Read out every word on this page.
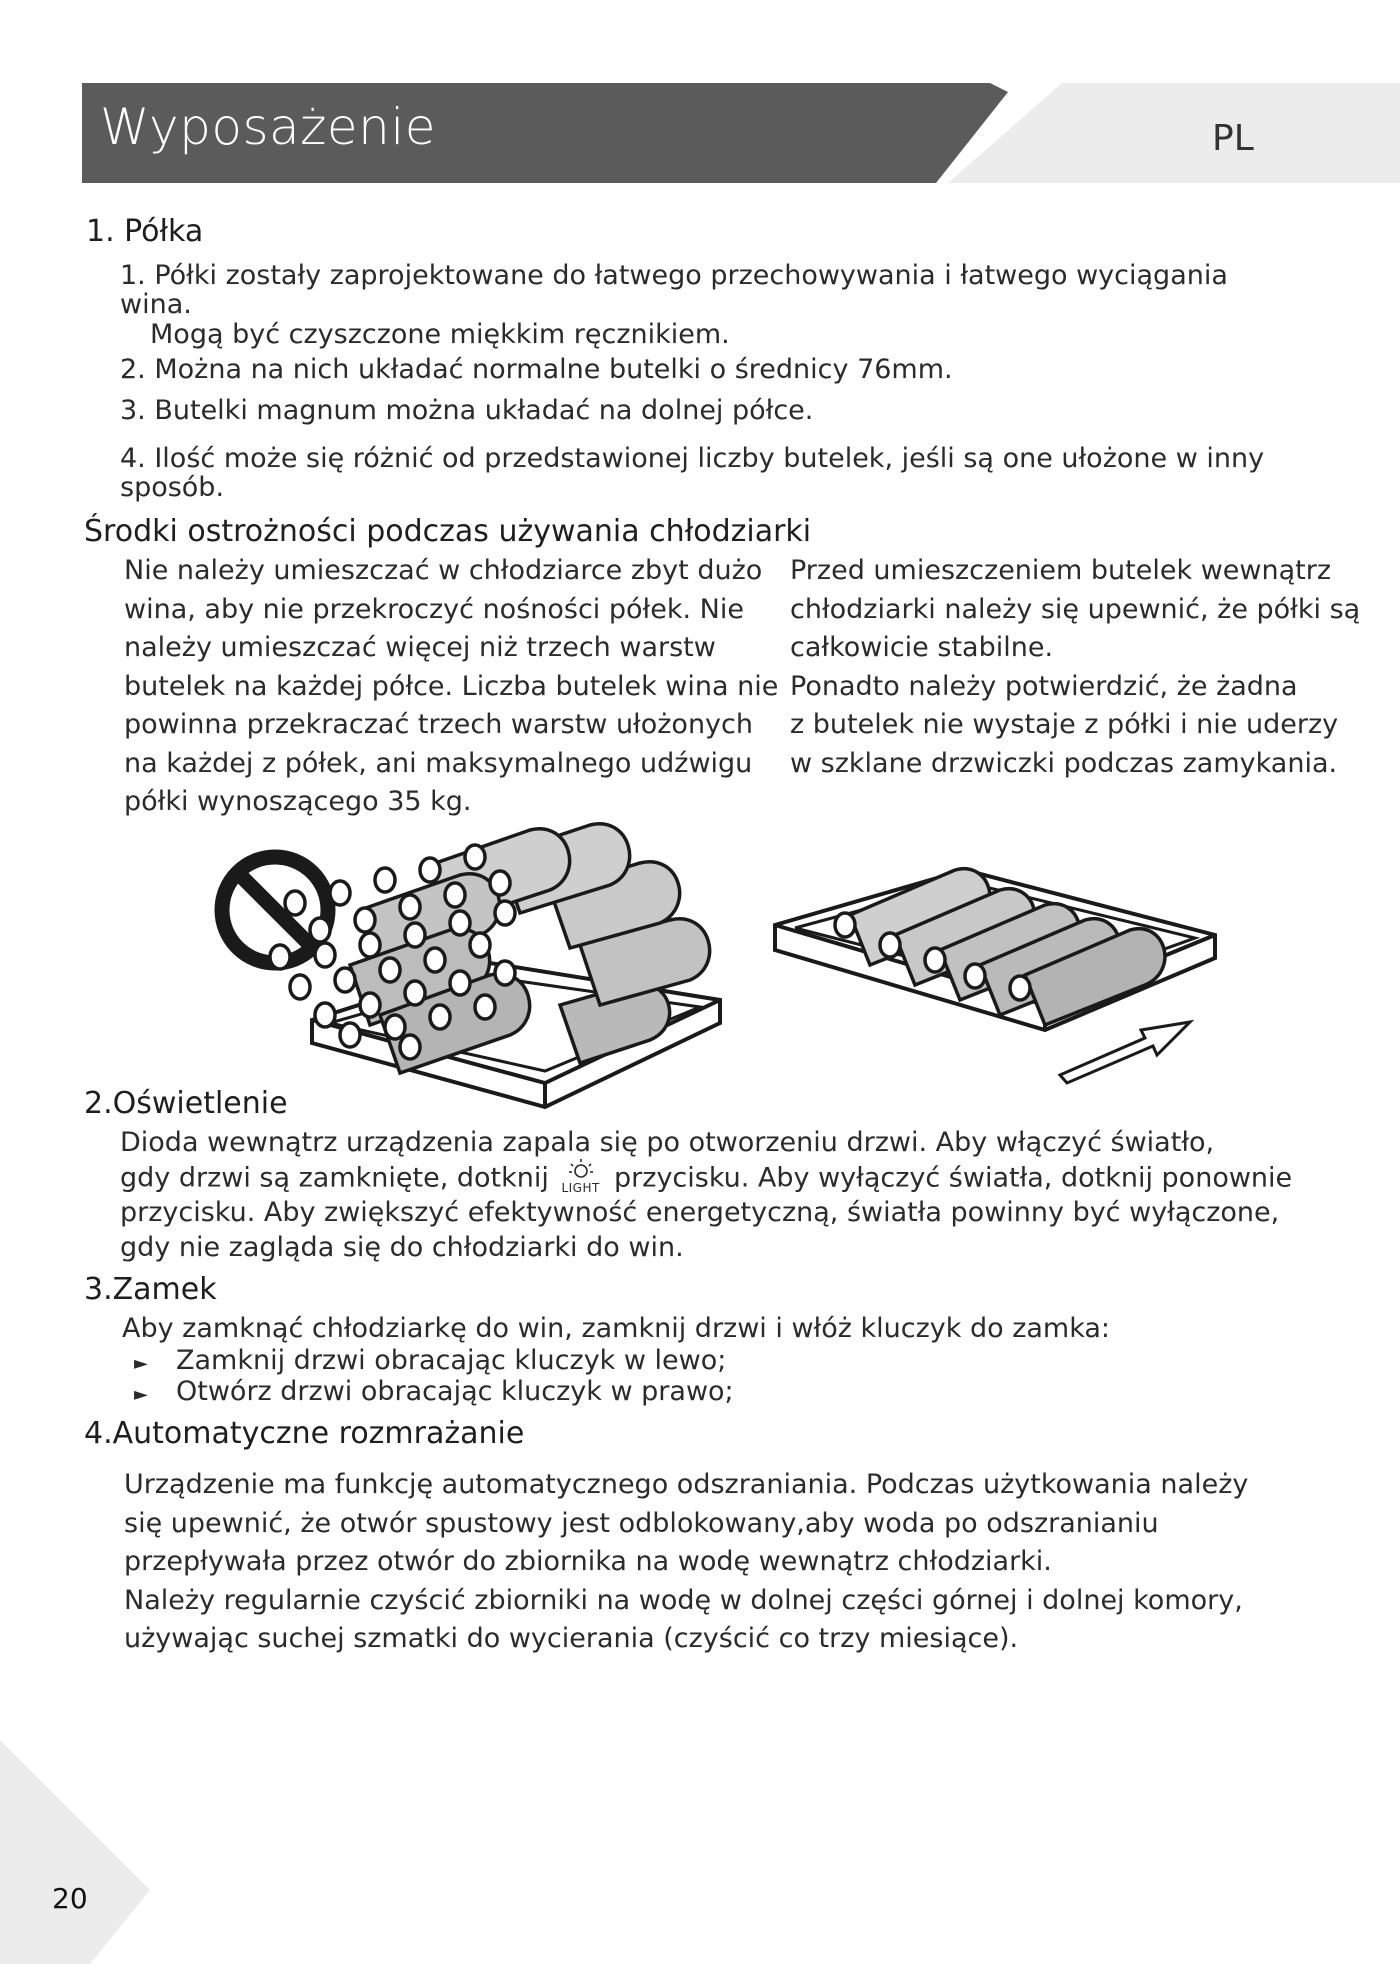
Wyposażenie	PL
1. Półka
1. Półki zostały zaprojektowane do łatwego przechowywania i łatwego wyciągania
wina.
Mogą być czyszczone miękkim ręcznikiem.
2. Można na nich układać normalne butelki o średnicy 76mm.
3. Butelki magnum można układać na dolnej półce.
4. Ilość może się różnić od przedstawionej liczby butelek, jeśli są one ułożone w inny
sposób.
Środki ostrożności podczas używania chłodziarki
Nie należy umieszczać w chłodziarce zbyt dużo
wina, aby nie przekroczyć nośności półek. Nie
należy umieszczać więcej niż trzech warstw
butelek na każdej półce. Liczba butelek wina nie
powinna przekraczać trzech warstw ułożonych
na każdej z półek, ani maksymalnego udźwigu
półki wynoszącego 35 kg.
Przed umieszczeniem butelek wewnątrz
chłodziarki należy się upewnić, że półki są
całkowicie stabilne.
Ponadto należy potwierdzić, że żadna
z butelek nie wystaje z półki i nie uderzy
w szklane drzwiczki podczas zamykania.
2.Oświetlenie
Dioda wewnątrz urządzenia zapala się po otworzeniu drzwi. Aby włączyć światło,
gdy drzwi są zamknięte, dotknij LIGHT przycisku. Aby wyłączyć światła, dotknij ponownie
przycisku. Aby zwiększyć efektywność energetyczną, światła powinny być wyłączone,
gdy nie zagląda się do chłodziarki do win.
3.Zamek
Aby zamknąć chłodziarkę do win, zamknij drzwi i włóż kluczyk do zamka:
► Zamknij drzwi obracając kluczyk w lewo;
► Otwórz drzwi obracając kluczyk w prawo;
4.Automatyczne rozmrażanie
Urządzenie ma funkcję automatycznego odszraniania. Podczas użytkowania należy
się upewnić, że otwór spustowy jest odblokowany,aby woda po odszranianiu
przepływała przez otwór do zbiornika na wodę wewnątrz chłodziarki.
Należy regularnie czyścić zbiorniki na wodę w dolnej części górnej i dolnej komory,
używając suchej szmatki do wycierania (czyścić co trzy miesiące).
20
